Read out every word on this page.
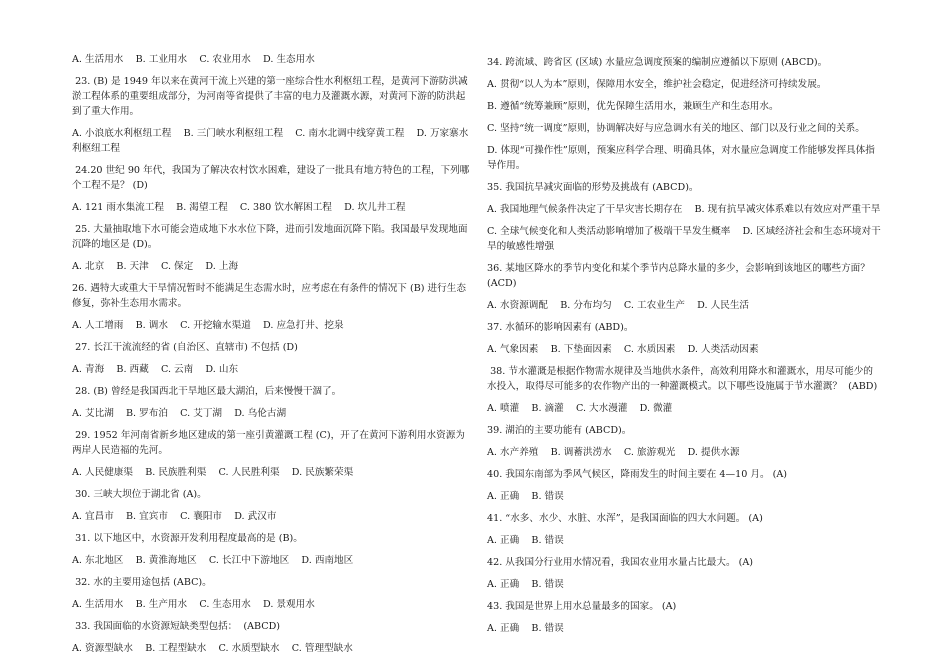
A. 生活用水    B. 工业用水    C. 农业用水    D. 生态用水

23. (B) 是 1949 年以来在黄河干流上兴建的第一座综合性水利枢纽工程，是黄河下游防洪减淤工程体系的重要组成部分，为河南等省提供了丰富的电力及灌溉水源，对黄河下游的防洪起到了重大作用。

A. 小浪底水利枢纽工程    B. 三门峡水利枢纽工程    C. 南水北调中线穿黄工程    D. 万家寨水利枢纽工程

24.20 世纪 90 年代，我国为了解决农村饮水困难，建设了一批具有地方特色的工程，下列哪个工程不是？ (D)

A. 121 雨水集流工程    B. 渴望工程    C. 380 饮水解困工程    D. 坎儿井工程

25. 大量抽取地下水可能会造成地下水水位下降，进而引发地面沉降下陷。我国最早发现地面沉降的地区是 (D)。

A. 北京    B. 天津    C. 保定    D. 上海

26. 遇特大或重大干旱情况暂时不能满足生态需水时，应考虑在有条件的情况下 (B) 进行生态修复，弥补生态用水需求。

A. 人工增雨    B. 调水    C. 开挖输水渠道    D. 应急打井、挖泉

27. 长江干流流经的省 (自治区、直辖市) 不包括 (D)

A. 青海    B. 西藏    C. 云南    D. 山东

28. (B) 曾经是我国西北干旱地区最大湖泊，后来慢慢干涸了。

A. 艾比湖    B. 罗布泊    C. 艾丁湖    D. 乌伦古湖

29. 1952 年河南省新乡地区建成的第一座引黄灌溉工程 (C)，开了在黄河下游利用水资源为两岸人民造福的先河。

A. 人民健康渠    B. 民族胜利渠    C. 人民胜利渠    D. 民族繁荣渠

30. 三峡大坝位于湖北省 (A)。

A. 宜昌市    B. 宜宾市    C. 襄阳市    D. 武汉市

31. 以下地区中，水资源开发利用程度最高的是 (B)。

A. 东北地区    B. 黄淮海地区    C. 长江中下游地区    D. 西南地区

32. 水的主要用途包括 (ABC)。

A. 生活用水    B. 生产用水    C. 生态用水    D. 景观用水

33. 我国面临的水资源短缺类型包括：  (ABCD)

A. 资源型缺水    B. 工程型缺水    C. 水质型缺水    C. 管理型缺水

34. 跨流域、跨省区 (区域) 水量应急调度预案的编制应遵循以下原则 (ABCD)。

A. 贯彻“以人为本”原则，保障用水安全，维护社会稳定，促进经济可持续发展。

B. 遵循“统筹兼顾”原则，优先保障生活用水，兼顾生产和生态用水。

C. 坚持“统一调度”原则，协调解决好与应急调水有关的地区、部门以及行业之间的关系。

D. 体现“可操作性”原则，预案应科学合理、明确具体，对水量应急调度工作能够发挥具体指导作用。

35. 我国抗旱减灾面临的形势及挑战有 (ABCD)。

A. 我国地理气候条件决定了干旱灾害长期存在    B. 现有抗旱减灾体系难以有效应对严重干旱

C. 全球气候变化和人类活动影响增加了极端干旱发生概率    D. 区域经济社会和生态环境对干旱的敏感性增强

36. 某地区降水的季节内变化和某个季节内总降水量的多少，会影响到该地区的哪些方面？ (ACD)

A. 水资源调配    B. 分布均匀    C. 工农业生产    D. 人民生活

37. 水循环的影响因素有 (ABD)。

A. 气象因素    B. 下垫面因素    C. 水质因素    D. 人类活动因素

38. 节水灌溉是根据作物需水规律及当地供水条件，高效利用降水和灌溉水，用尽可能少的水投入，取得尽可能多的农作物产出的一种灌溉模式。以下哪些设施属于节水灌溉？  (ABD)

A. 喷灌    B. 滴灌    C. 大水漫灌    D. 微灌

39. 湖泊的主要功能有 (ABCD)。

A. 水产养殖    B. 调蓄洪涝水    C. 旅游观光    D. 提供水源

40. 我国东南部为季风气候区，降雨发生的时间主要在 4—10 月。 (A)

A. 正确    B. 错误

41. “水多、水少、水脏、水浑”，是我国面临的四大水问题。 (A)

A. 正确    B. 错误

42. 从我国分行业用水情况看，我国农业用水量占比最大。 (A)

A. 正确    B. 错误

43. 我国是世界上用水总量最多的国家。 (A)

A. 正确    B. 错误
